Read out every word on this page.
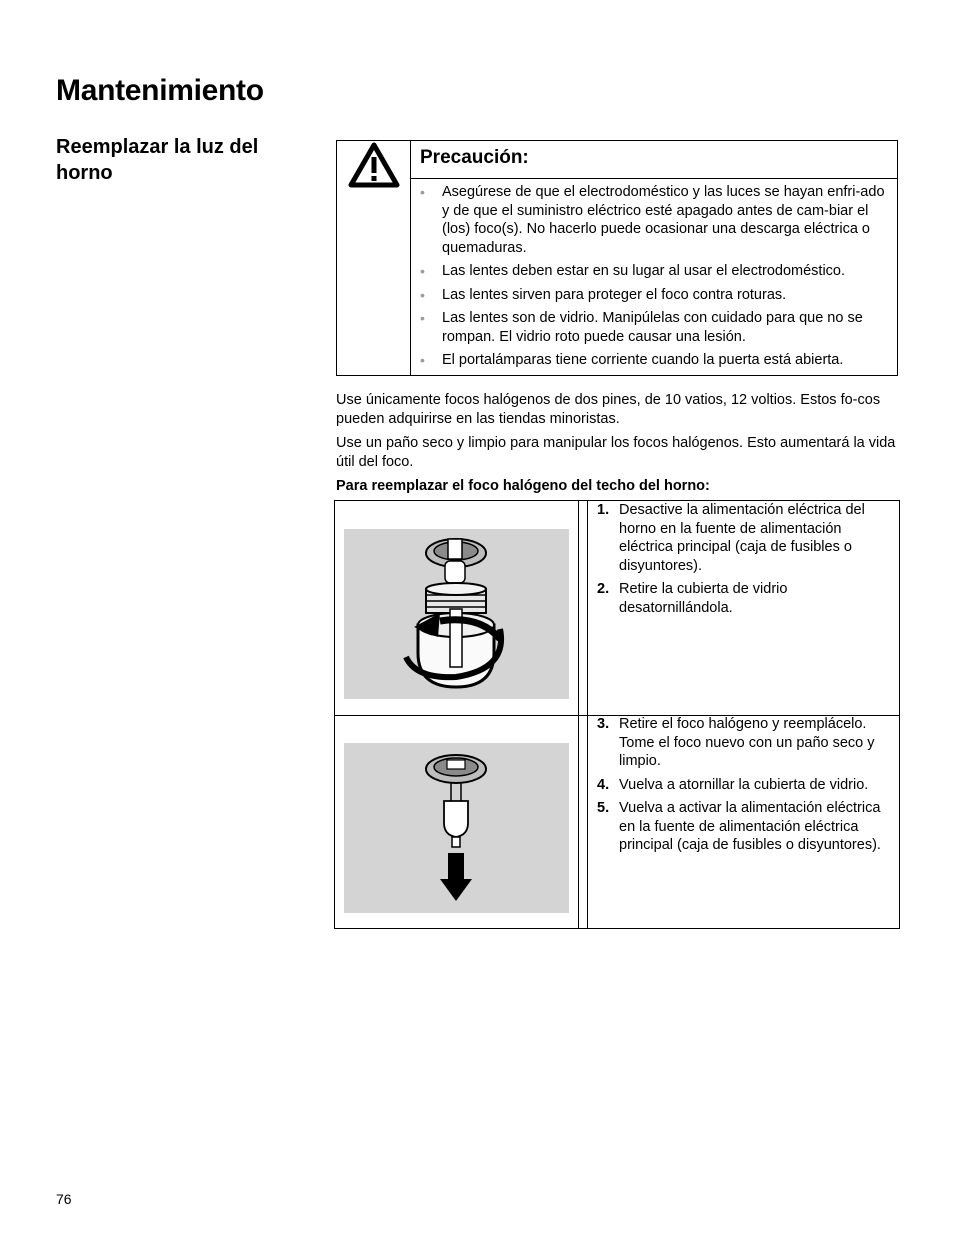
Mantenimiento
Reemplazar la luz del horno
Precaución:
• Asegúrese de que el electrodoméstico y las luces se hayan enfri-ado y de que el suministro eléctrico esté apagado antes de cam-biar el (los) foco(s). No hacerlo puede ocasionar una descarga eléctrica o quemaduras.
• Las lentes deben estar en su lugar al usar el electrodoméstico.
• Las lentes sirven para proteger el foco contra roturas.
• Las lentes son de vidrio. Manipúlelas con cuidado para que no se rompan. El vidrio roto puede causar una lesión.
• El portalámparas tiene corriente cuando la puerta está abierta.

Use únicamente focos halógenos de dos pines, de 10 vatios, 12 voltios. Estos fo-cos pueden adquirirse en las tiendas minoristas.

Use un paño seco y limpio para manipular los focos halógenos. Esto aumentará la vida útil del foco.

Para reemplazar el foco halógeno del techo del horno:

1. Desactive la alimentación eléctrica del horno en la fuente de alimentación eléctrica principal (caja de fusibles o disyuntores).
2. Retire la cubierta de vidrio desatornillándola.
3. Retire el foco halógeno y reemplácelo. Tome el foco nuevo con un paño seco y limpio.
4. Vuelva a atornillar la cubierta de vidrio.
5. Vuelva a activar la alimentación eléctrica en la fuente de alimentación eléctrica principal (caja de fusibles o disyuntores).
76
